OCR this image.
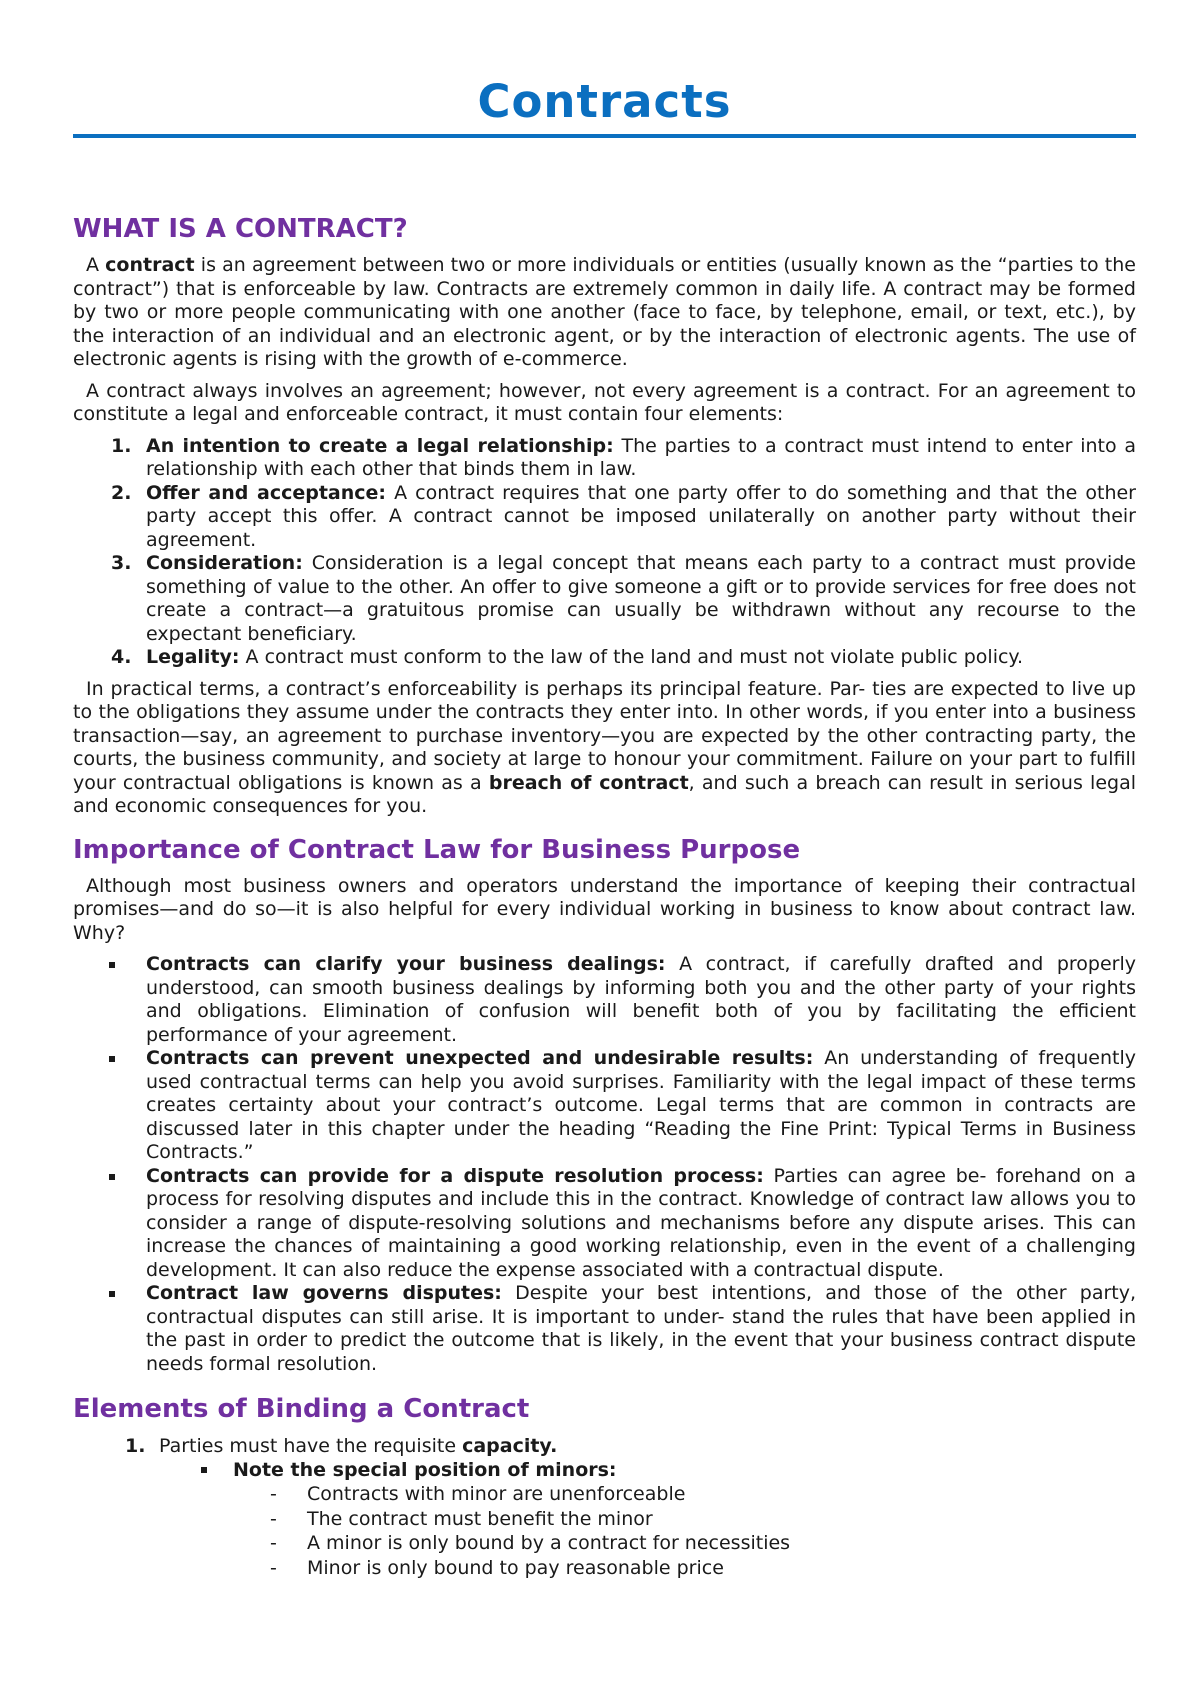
Contracts
WHAT IS A CONTRACT?

A contract is an agreement between two or more individuals or entities (usually known as the “parties to the contract”) that is enforceable by law. Contracts are extremely common in daily life. A contract may be formed by two or more people communicating with one another (face to face, by telephone, email, or text, etc.), by the interaction of an individual and an electronic agent, or by the interaction of electronic agents. The use of electronic agents is rising with the growth of e-commerce.

A contract always involves an agreement; however, not every agreement is a contract. For an agreement to constitute a legal and enforceable contract, it must contain four elements:

1. An intention to create a legal relationship: The parties to a contract must intend to enter into a relationship with each other that binds them in law.
2. Offer and acceptance: A contract requires that one party offer to do something and that the other party accept this offer. A contract cannot be imposed unilaterally on another party without their agreement.
3. Consideration: Consideration is a legal concept that means each party to a contract must provide something of value to the other. An offer to give someone a gift or to provide services for free does not create a contract—a gratuitous promise can usually be withdrawn without any recourse to the expectant beneficiary.
4. Legality: A contract must conform to the law of the land and must not violate public policy.

In practical terms, a contract’s enforceability is perhaps its principal feature. Par- ties are expected to live up to the obligations they assume under the contracts they enter into. In other words, if you enter into a business transaction—say, an agreement to purchase inventory—you are expected by the other contracting party, the courts, the business community, and society at large to honour your commitment. Failure on your part to fulfill your contractual obligations is known as a breach of contract, and such a breach can result in serious legal and economic consequences for you.

Importance of Contract Law for Business Purpose

Although most business owners and operators understand the importance of keeping their contractual promises—and do so—it is also helpful for every individual working in business to know about contract law. Why?

Contracts can clarify your business dealings: A contract, if carefully drafted and properly understood, can smooth business dealings by informing both you and the other party of your rights and obligations. Elimination of confusion will benefit both of you by facilitating the efficient performance of your agreement.
Contracts can prevent unexpected and undesirable results: An understanding of frequently used contractual terms can help you avoid surprises. Familiarity with the legal impact of these terms creates certainty about your contract’s outcome. Legal terms that are common in contracts are discussed later in this chapter under the heading “Reading the Fine Print: Typical Terms in Business Contracts.”
Contracts can provide for a dispute resolution process: Parties can agree be- forehand on a process for resolving disputes and include this in the contract. Knowledge of contract law allows you to consider a range of dispute-resolving solutions and mechanisms before any dispute arises. This can increase the chances of maintaining a good working relationship, even in the event of a challenging development. It can also reduce the expense associated with a contractual dispute.
Contract law governs disputes: Despite your best intentions, and those of the other party, contractual disputes can still arise. It is important to under- stand the rules that have been applied in the past in order to predict the outcome that is likely, in the event that your business contract dispute needs formal resolution.
Elements of Binding a Contract
1. Parties must have the requisite capacity.
Note the special position of minors:
- Contracts with minor are unenforceable
- The contract must benefit the minor
- A minor is only bound by a contract for necessities
- Minor is only bound to pay reasonable price
